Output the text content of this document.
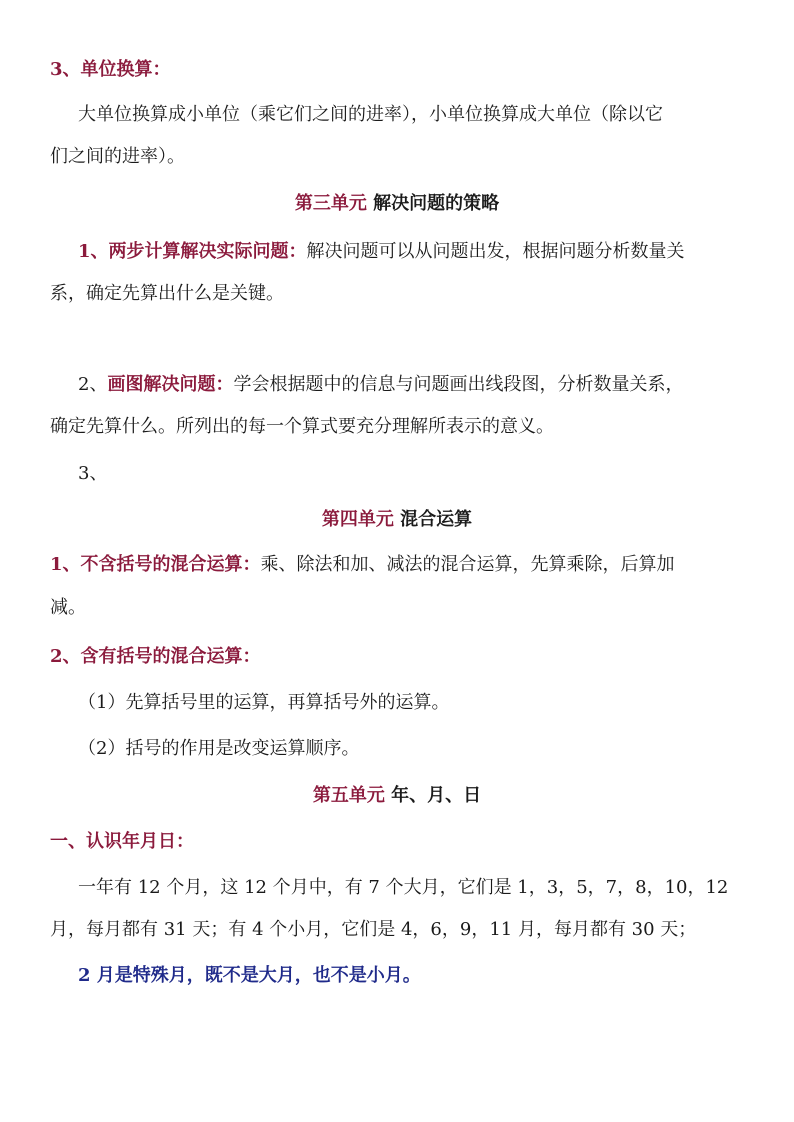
3、单位换算：
大单位换算成小单位（乘它们之间的进率），小单位换算成大单位（除以它
们之间的进率）。
第三单元 解决问题的策略
1、两步计算解决实际问题：解决问题可以从问题出发，根据问题分析数量关
系，确定先算出什么是关键。
2、画图解决问题：学会根据题中的信息与问题画出线段图，分析数量关系，
确定先算什么。所列出的每一个算式要充分理解所表示的意义。
3、
第四单元 混合运算
1、不含括号的混合运算：乘、除法和加、减法的混合运算，先算乘除，后算加
减。
2、含有括号的混合运算：
（1）先算括号里的运算，再算括号外的运算。
（2）括号的作用是改变运算顺序。
第五单元 年、月、日
一、认识年月日：
一年有 12 个月，这 12 个月中，有 7 个大月，它们是 1，3，5，7，8，10，12
月，每月都有 31 天；有 4 个小月，它们是 4，6，9，11 月，每月都有 30 天；
2 月是特殊月，既不是大月，也不是小月。
